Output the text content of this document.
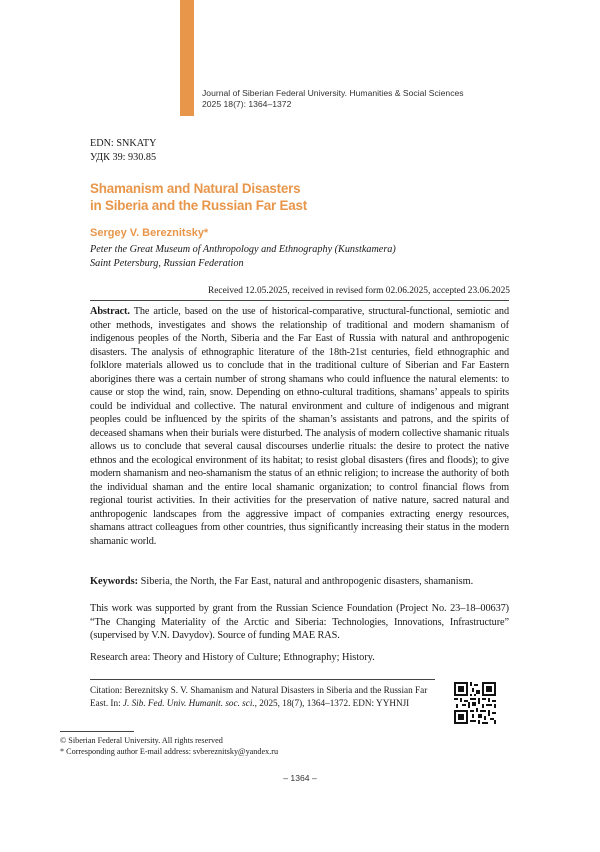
Journal of Siberian Federal University. Humanities & Social Sciences
2025 18(7): 1364–1372
EDN: SNKATY
УДК 39: 930.85
Shamanism and Natural Disasters
in Siberia and the Russian Far East
Sergey V. Bereznitsky*
Peter the Great Museum of Anthropology and Ethnography (Kunstkamera)
Saint Petersburg, Russian Federation
Received 12.05.2025, received in revised form 02.06.2025, accepted 23.06.2025
Abstract. The article, based on the use of historical-comparative, structural-functional, semiotic and other methods, investigates and shows the relationship of traditional and modern shamanism of indigenous peoples of the North, Siberia and the Far East of Russia with natural and anthropogenic disasters. The analysis of ethnographic literature of the 18th-21st centuries, field ethnographic and folklore materials allowed us to conclude that in the traditional culture of Siberian and Far Eastern aborigines there was a certain number of strong shamans who could influence the natural elements: to cause or stop the wind, rain, snow. Depending on ethno-cultural traditions, shamans’ appeals to spirits could be individual and collective. The natural environment and culture of indigenous and migrant peoples could be influenced by the spirits of the shaman’s assistants and patrons, and the spirits of deceased shamans when their burials were disturbed. The analysis of modern collective shamanic rituals allows us to conclude that several causal discourses underlie rituals: the desire to protect the native ethnos and the ecological environment of its habitat; to resist global disasters (fires and floods); to give modern shamanism and neo-shamanism the status of an ethnic religion; to increase the authority of both the individual shaman and the entire local shamanic organization; to control financial flows from regional tourist activities. In their activities for the preservation of native nature, sacred natural and anthropogenic landscapes from the aggressive impact of companies extracting energy resources, shamans attract colleagues from other countries, thus significantly increasing their status in the modern shamanic world.
Keywords: Siberia, the North, the Far East, natural and anthropogenic disasters, shamanism.
This work was supported by grant from the Russian Science Foundation (Project No. 23–18–00637) “The Changing Materiality of the Arctic and Siberia: Technologies, Innovations, Infrastructure” (supervised by V.N. Davydov). Source of funding MAE RAS.
Research area: Theory and History of Culture; Ethnography; History.
Citation: Bereznitsky S. V. Shamanism and Natural Disasters in Siberia and the Russian Far East. In: J. Sib. Fed. Univ. Humanit. soc. sci., 2025, 18(7), 1364–1372. EDN: YYHNJI
© Siberian Federal University. All rights reserved
* Corresponding author E-mail address: svbereznitsky@yandex.ru
– 1364 –
